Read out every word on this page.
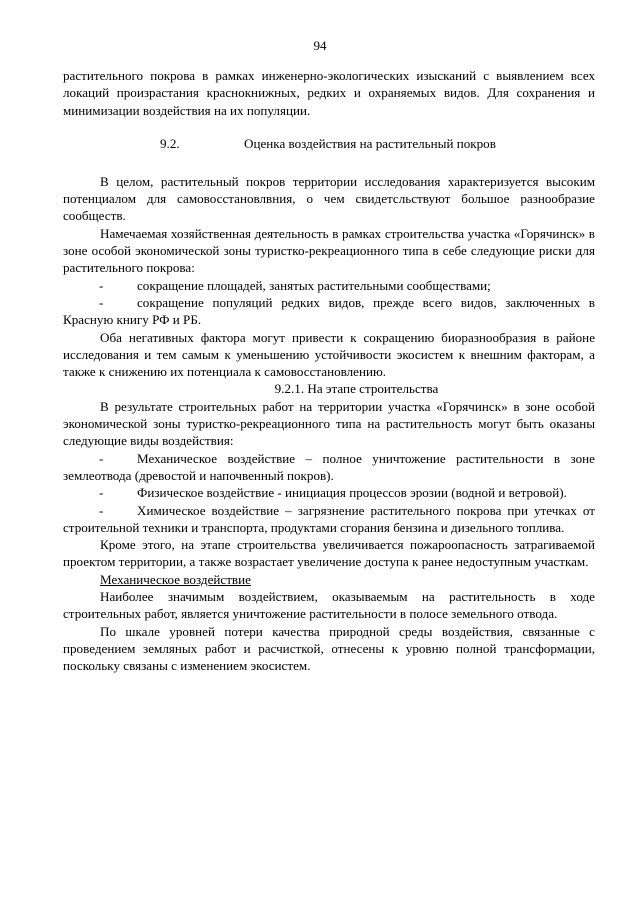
94

растительного покрова в рамках инженерно-экологических изысканий с выявлением всех локаций произрастания краснокнижных, редких и охраняемых видов. Для сохранения и минимизации воздействия на их популяции.

9.2.	Оценка воздействия на растительный покров

В целом, растительный покров территории исследования характеризуется высоким потенциалом для самовосстановлвния, о чем свидетсльствуют большое разнообразие сообществ.

Намечаемая хозяйственная деятельность в рамках строительства участка «Горячинск» в зоне особой экономической зоны туристко-рекреационного типа в себе следующие риски для растительного покрова:

-	сокращение площадей, занятых растительными сообществами;

-	сокращение популяций редких видов, прежде всего видов, заключенных в Красную книгу РФ и РБ.

Оба негативных фактора могут привести к сокращению биоразнообразия в районе исследования и тем самым к уменьшению устойчивости экосистем к внешним факторам, а также к снижению их потенциала к самовосстановлению.

9.2.1. На этапе строительства

В результате строительных работ на территории участка «Горячинск» в зоне особой экономической зоны туристко-рекреационного типа на растительность могут быть оказаны следующие виды воздействия:

-	Механическое воздействие – полное уничтожение растительности в зоне землеотвода (древостой и напочвенный покров).

-	Физическое воздействие - инициация процессов эрозии (водной и ветровой).

-	Химическое воздействие – загрязнение растительного покрова при утечках от строительной техники и транспорта, продуктами сгорания бензина и дизельного топлива.

Кроме этого, на этапе строительства увеличивается пожароопасность затрагиваемой проектом территории, а также возрастает увеличение доступа к ранее недоступным участкам.

Механическое воздействие

Наиболее значимым воздействием, оказываемым на растительность в ходе строительных работ, является уничтожение растительности в полосе земельного отвода.

По шкале уровней потери качества природной среды воздействия, связанные с проведением земляных работ и расчисткой, отнесены к уровню полной трансформации, поскольку связаны с изменением экосистем.
